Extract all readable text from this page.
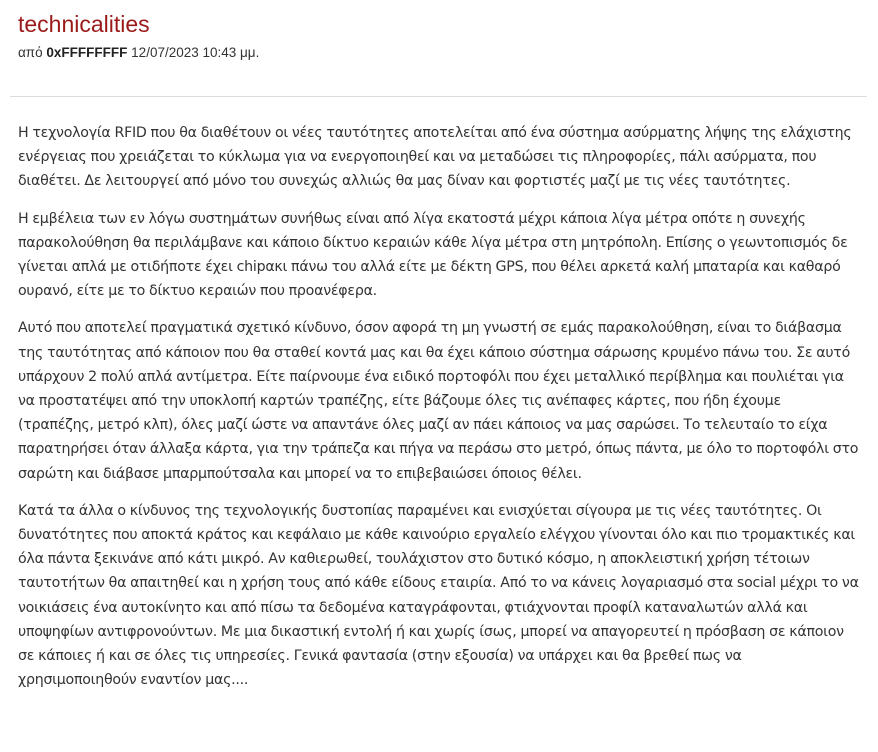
technicalities
από 0xFFFFFFFF 12/07/2023 10:43 μμ.

Η τεχνολογία RFID που θα διαθέτουν οι νέες ταυτότητες αποτελείται από ένα σύστημα ασύρματης λήψης της ελάχιστης ενέργειας που χρειάζεται το κύκλωμα για να ενεργοποιηθεί και να μεταδώσει τις πληροφορίες, πάλι ασύρματα, που διαθέτει. Δε λειτουργεί από μόνο του συνεχώς αλλιώς θα μας δίναν και φορτιστές μαζί με τις νέες ταυτότητες.

Η εμβέλεια των εν λόγω συστημάτων συνήθως είναι από λίγα εκατοστά μέχρι κάποια λίγα μέτρα οπότε η συνεχής παρακολούθηση θα περιλάμβανε και κάποιο δίκτυο κεραιών κάθε λίγα μέτρα στη μητρόπολη. Επίσης ο γεωντοπισμός δε γίνεται απλά με οτιδήποτε έχει chipακι πάνω του αλλά είτε με δέκτη GPS, που θέλει αρκετά καλή μπαταρία και καθαρό ουρανό, είτε με το δίκτυο κεραιών που προανέφερα.

Αυτό που αποτελεί πραγματικά σχετικό κίνδυνο, όσον αφορά τη μη γνωστή σε εμάς παρακολούθηση, είναι το διάβασμα της ταυτότητας από κάποιον που θα σταθεί κοντά μας και θα έχει κάποιο σύστημα σάρωσης κρυμένο πάνω του. Σε αυτό υπάρχουν 2 πολύ απλά αντίμετρα. Είτε παίρνουμε ένα ειδικό πορτοφόλι που έχει μεταλλικό περίβλημα και πουλιέται για να προστατέψει από την υποκλοπή καρτών τραπέζης, είτε βάζουμε όλες τις ανέπαφες κάρτες, που ήδη έχουμε (τραπέζης, μετρό κλπ), όλες μαζί ώστε να απαντάνε όλες μαζί αν πάει κάποιος να μας σαρώσει. Το τελευταίο το είχα παρατηρήσει όταν άλλαξα κάρτα, για την τράπεζα και πήγα να περάσω στο μετρό, όπως πάντα, με όλο το πορτοφόλι στο σαρώτη και διάβασε μπαρμπούτσαλα και μπορεί να το επιβεβαιώσει όποιος θέλει.

Κατά τα άλλα ο κίνδυνος της τεχνολογικής δυστοπίας παραμένει και ενισχύεται σίγουρα με τις νέες ταυτότητες. Οι δυνατότητες που αποκτά κράτος και κεφάλαιο με κάθε καινούριο εργαλείο ελέγχου γίνονται όλο και πιο τρομακτικές και όλα πάντα ξεκινάνε από κάτι μικρό. Αν καθιερωθεί, τουλάχιστον στο δυτικό κόσμο, η αποκλειστική χρήση τέτοιων ταυτοτήτων θα απαιτηθεί και η χρήση τους από κάθε είδους εταιρία. Από το να κάνεις λογαριασμό στα social μέχρι το να νοικιάσεις ένα αυτοκίνητο και από πίσω τα δεδομένα καταγράφονται, φτιάχνονται προφίλ καταναλωτών αλλά και υποψηφίων αντιφρονούντων. Με μια δικαστική εντολή ή και χωρίς ίσως, μπορεί να απαγορευτεί η πρόσβαση σε κάποιον σε κάποιες ή και σε όλες τις υπηρεσίες. Γενικά φαντασία (στην εξουσία) να υπάρχει και θα βρεθεί πως να χρησιμοποιηθούν εναντίον μας....
